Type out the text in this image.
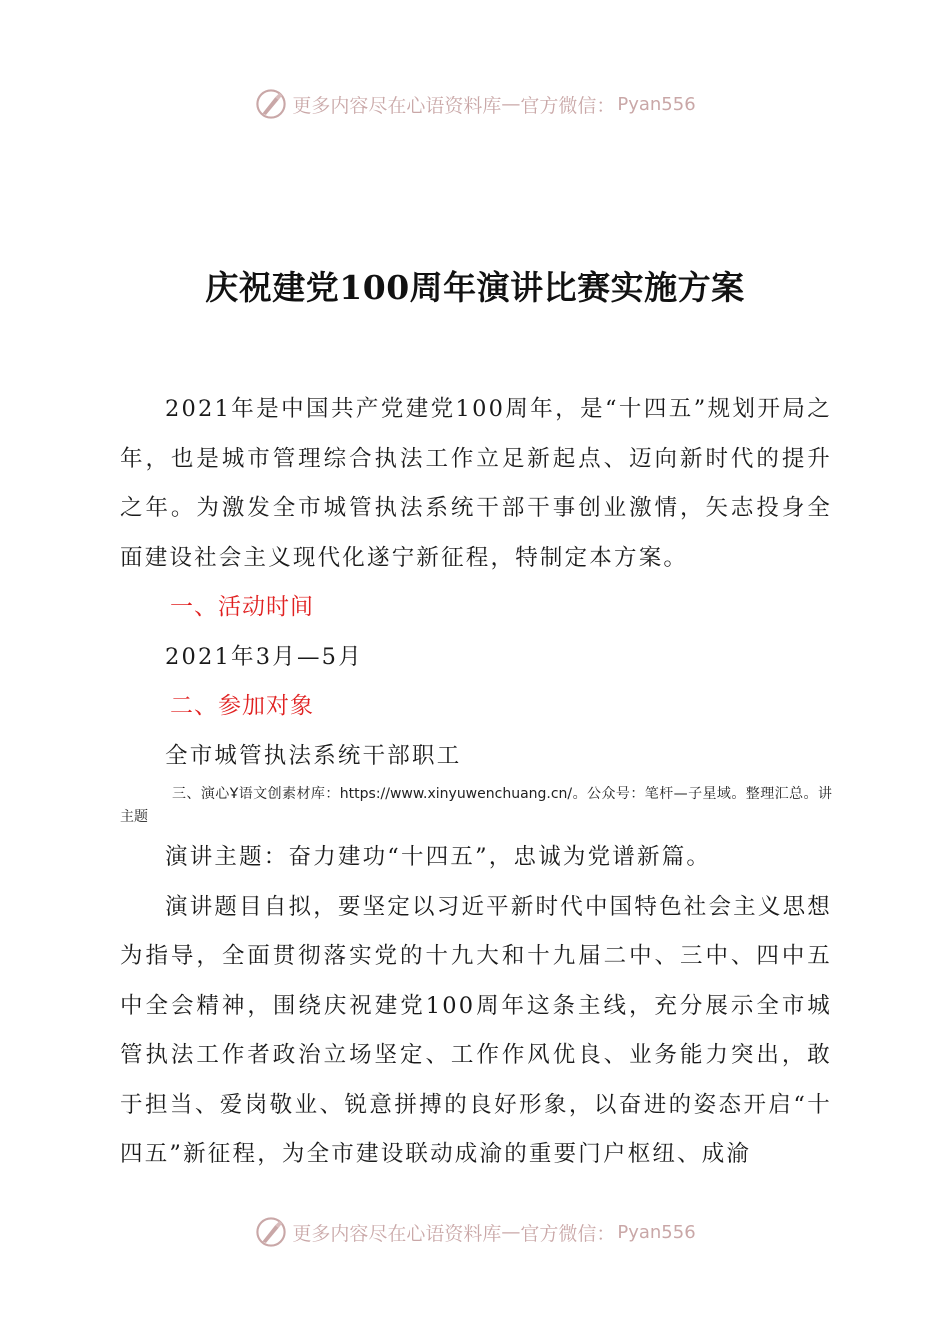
更多内容尽在心语资料库 — 官方微信： Pyan556
庆祝建党100周年演讲比赛实施方案

2021年是中国共产党建党100周年，是“十四五”规划开局之年，也是城市管理综合执法工作立足新起点、迈向新时代的提升之年。为激发全市城管执法系统干部干事创业激情，矢志投身全面建设社会主义现代化遂宁新征程，特制定本方案。

一、活动时间

2021年3月—5月

二、参加对象

全市城管执法系统干部职工

三、演心Ұ语文创素材库：https://www.xinyuwenchuang.cn/。公众号：笔杆—子星域。整理汇总。讲主题

演讲主题：奋力建功“十四五”，忠诚为党谱新篇。

演讲题目自拟，要坚定以习近平新时代中国特色社会主义思想为指导，全面贯彻落实党的十九大和十九届二中、三中、四中五中全会精神，围绕庆祝建党100周年这条主线，充分展示全市城管执法工作者政治立场坚定、工作作风优良、业务能力突出，敢于担当、爱岗敬业、锐意拼搏的良好形象，以奋进的姿态开启“十四五”新征程，为全市建设联动成渝的重要门户枢纽、成渝

更多内容尽在心语资料库 — 官方微信： Pyan556
